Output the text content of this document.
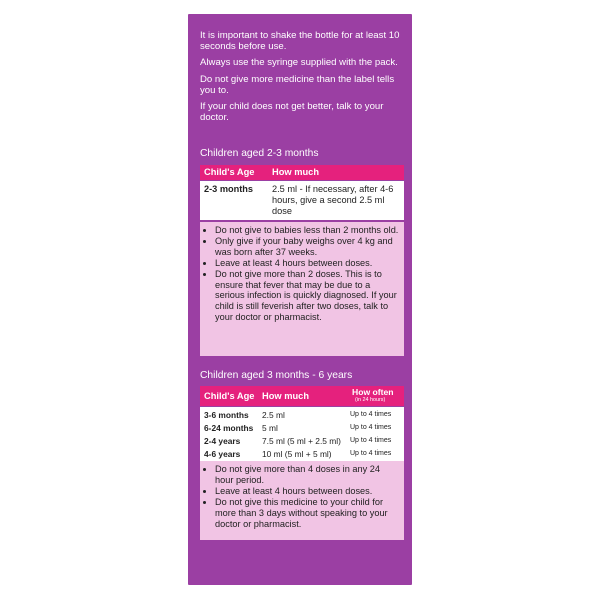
It is important to shake the bottle for at least 10 seconds before use.

Always use the syringe supplied with the pack.

Do not give more medicine than the label tells you to.

If your child does not get better, talk to your doctor.

Children aged 2-3 months
Child's Age How much
2-3 months 2.5 ml - If necessary, after 4-6 hours, give a second 2.5 ml dose
• Do not give to babies less than 2 months old.
• Only give if your baby weighs over 4 kg and was born after 37 weeks.
• Leave at least 4 hours between doses.
• Do not give more than 2 doses. This is to ensure that fever that may be due to a serious infection is quickly diagnosed. If your child is still feverish after two doses, talk to your doctor or pharmacist.
Children aged 3 months - 6 years
Child's Age How much	How often
(in 24 hours)
3-6 months 2.5 ml	Up to 4 times
6-24 months 5 ml	Up to 4 times
2-4 years	7.5 ml (5 ml + 2.5 ml) Up to 4 times
4-6 years	10 ml (5 ml + 5 ml)	Up to 4 times
• Do not give more than 4 doses in any 24 hour period.
• Leave at least 4 hours between doses.
• Do not give this medicine to your child for more than 3 days without speaking to your doctor or pharmacist.
